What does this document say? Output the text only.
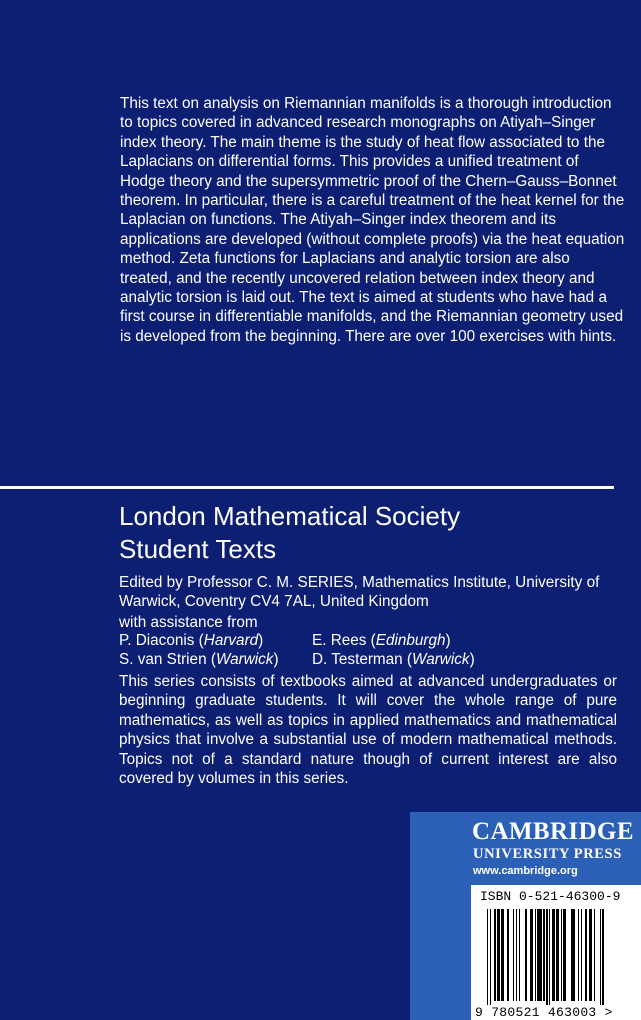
This text on analysis on Riemannian manifolds is a thorough introduction to topics covered in advanced research monographs on Atiyah–Singer index theory. The main theme is the study of heat flow associated to the Laplacians on differential forms. This provides a unified treatment of Hodge theory and the supersymmetric proof of the Chern–Gauss–Bonnet theorem. In particular, there is a careful treatment of the heat kernel for the Laplacian on functions. The Atiyah–Singer index theorem and its applications are developed (without complete proofs) via the heat equation method. Zeta functions for Laplacians and analytic torsion are also treated, and the recently uncovered relation between index theory and analytic torsion is laid out. The text is aimed at students who have had a first course in differentiable manifolds, and the Riemannian geometry used is developed from the beginning. There are over 100 exercises with hints.

London Mathematical Society
Student Texts

Edited by Professor C. M. SERIES, Mathematics Institute, University of Warwick, Coventry CV4 7AL, United Kingdom

with assistance from

P. Diaconis (Harvard)	E. Rees (Edinburgh)
S. van Strien (Warwick)	D. Testerman (Warwick)

This series consists of textbooks aimed at advanced undergraduates or beginning graduate students. It will cover the whole range of pure mathematics, as well as topics in applied mathematics and mathematical physics that involve a substantial use of modern mathematical methods. Topics not of a standard nature though of current interest are also covered by volumes in this series.

CAMBRIDGE
UNIVERSITY PRESS
www.cambridge.org
ISBN 0-521-46300-9
9 780521 463003 >
